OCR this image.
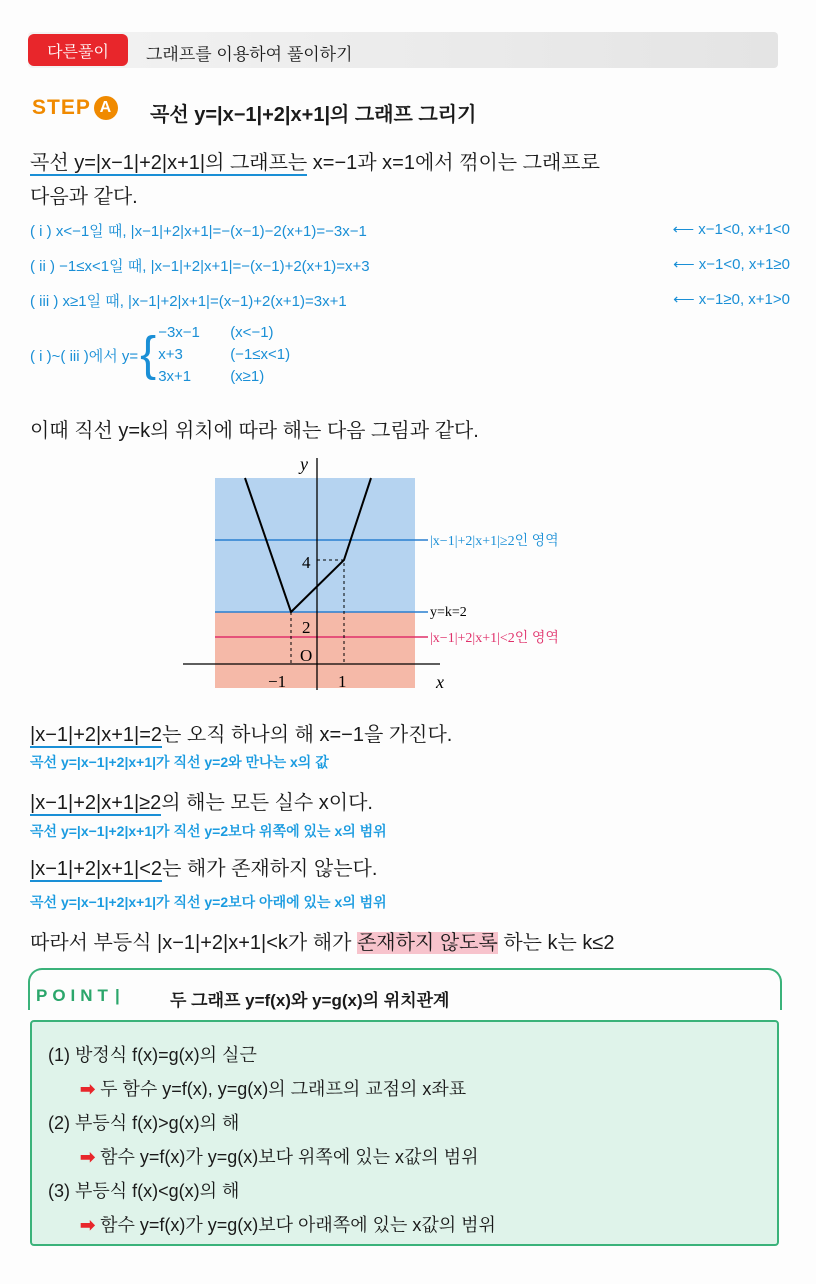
다른풀이	그래프를 이용하여 풀이하기
STEP A 곡선 y=|x−1|+2|x+1|의 그래프 그리기
곡선 y=|x−1|+2|x+1|의 그래프는 x=−1과 x=1에서 꺾이는 그래프로
다음과 같다.
( i ) x<−1일 때, |x−1|+2|x+1|=−(x−1)−2(x+1)=−3x−1	⟵ x−1<0, x+1<0
( ii ) −1≤x<1일 때, |x−1|+2|x+1|=−(x−1)+2(x+1)=x+3	⟵ x−1<0, x+1≥0
( iii ) x≥1일 때, |x−1|+2|x+1|=(x−1)+2(x+1)=3x+1	⟵ x−1≥0, x+1>0
( i )~( iii )에서 y= { −3x−1 (x<−1)
x+3	(−1≤x<1)
3x+1	(x≥1)
이때 직선 y=k의 위치에 따라 해는 다음 그림과 같다.
y
x
O
4
2
−1	1
|x−1|+2|x+1|≥2인 영역
y=k=2
|x−1|+2|x+1|<2인 영역
|x−1|+2|x+1|=2는 오직 하나의 해 x=−1을 가진다.
곡선 y=|x−1|+2|x+1|가 직선 y=2와 만나는 x의 값
|x−1|+2|x+1|≥2의 해는 모든 실수 x이다.
곡선 y=|x−1|+2|x+1|가 직선 y=2보다 위쪽에 있는 x의 범위
|x−1|+2|x+1|<2는 해가 존재하지 않는다.
곡선 y=|x−1|+2|x+1|가 직선 y=2보다 아래에 있는 x의 범위
따라서 부등식 |x−1|+2|x+1|<k가 해가 존재하지 않도록 하는 k는 k≤2
POINT |	두 그래프 y=f(x)와 y=g(x)의 위치관계
(1) 방정식 f(x)=g(x)의 실근
➡ 두 함수 y=f(x), y=g(x)의 그래프의 교점의 x좌표
(2) 부등식 f(x)>g(x)의 해
➡ 함수 y=f(x)가 y=g(x)보다 위쪽에 있는 x값의 범위
(3) 부등식 f(x)<g(x)의 해
➡ 함수 y=f(x)가 y=g(x)보다 아래쪽에 있는 x값의 범위
